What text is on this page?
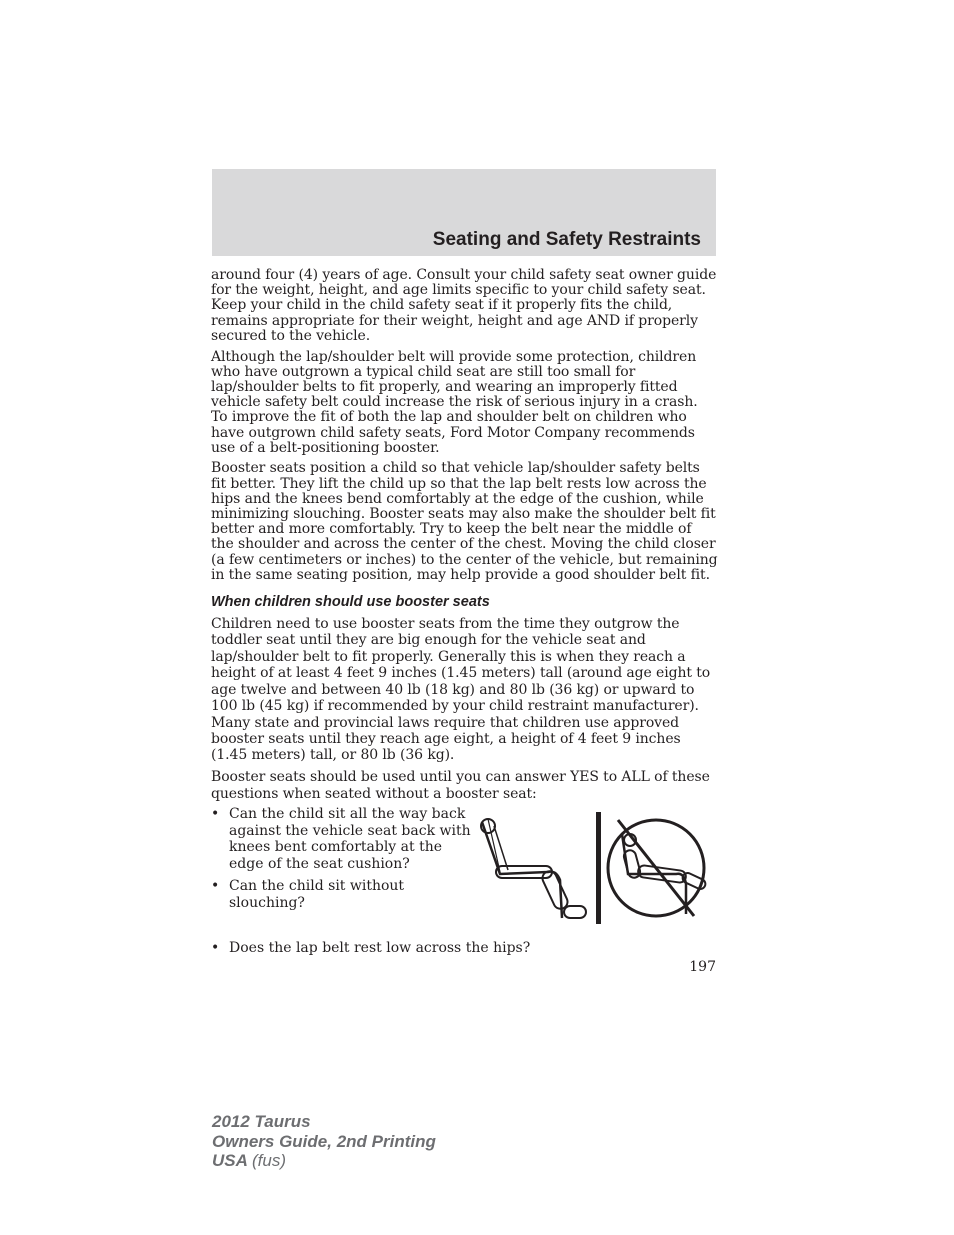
Seating and Safety Restraints

around four (4) years of age. Consult your child safety seat owner guide for the weight, height, and age limits specific to your child safety seat. Keep your child in the child safety seat if it properly fits the child, remains appropriate for their weight, height and age AND if properly secured to the vehicle.

Although the lap/shoulder belt will provide some protection, children who have outgrown a typical child seat are still too small for lap/shoulder belts to fit properly, and wearing an improperly fitted vehicle safety belt could increase the risk of serious injury in a crash. To improve the fit of both the lap and shoulder belt on children who have outgrown child safety seats, Ford Motor Company recommends use of a belt-positioning booster.

Booster seats position a child so that vehicle lap/shoulder safety belts fit better. They lift the child up so that the lap belt rests low across the hips and the knees bend comfortably at the edge of the cushion, while minimizing slouching. Booster seats may also make the shoulder belt fit better and more comfortably. Try to keep the belt near the middle of the shoulder and across the center of the chest. Moving the child closer (a few centimeters or inches) to the center of the vehicle, but remaining in the same seating position, may help provide a good shoulder belt fit.

When children should use booster seats

Children need to use booster seats from the time they outgrow the toddler seat until they are big enough for the vehicle seat and lap/shoulder belt to fit properly. Generally this is when they reach a height of at least 4 feet 9 inches (1.45 meters) tall (around age eight to age twelve and between 40 lb (18 kg) and 80 lb (36 kg) or upward to 100 lb (45 kg) if recommended by your child restraint manufacturer). Many state and provincial laws require that children use approved booster seats until they reach age eight, a height of 4 feet 9 inches (1.45 meters) tall, or 80 lb (36 kg).

Booster seats should be used until you can answer YES to ALL of these questions when seated without a booster seat:

• Can the child sit all the way back against the vehicle seat back with knees bent comfortably at the edge of the seat cushion?
• Can the child sit without slouching?
• Does the lap belt rest low across the hips?
197
2012 Taurus
Owners Guide, 2nd Printing
USA (fus)
